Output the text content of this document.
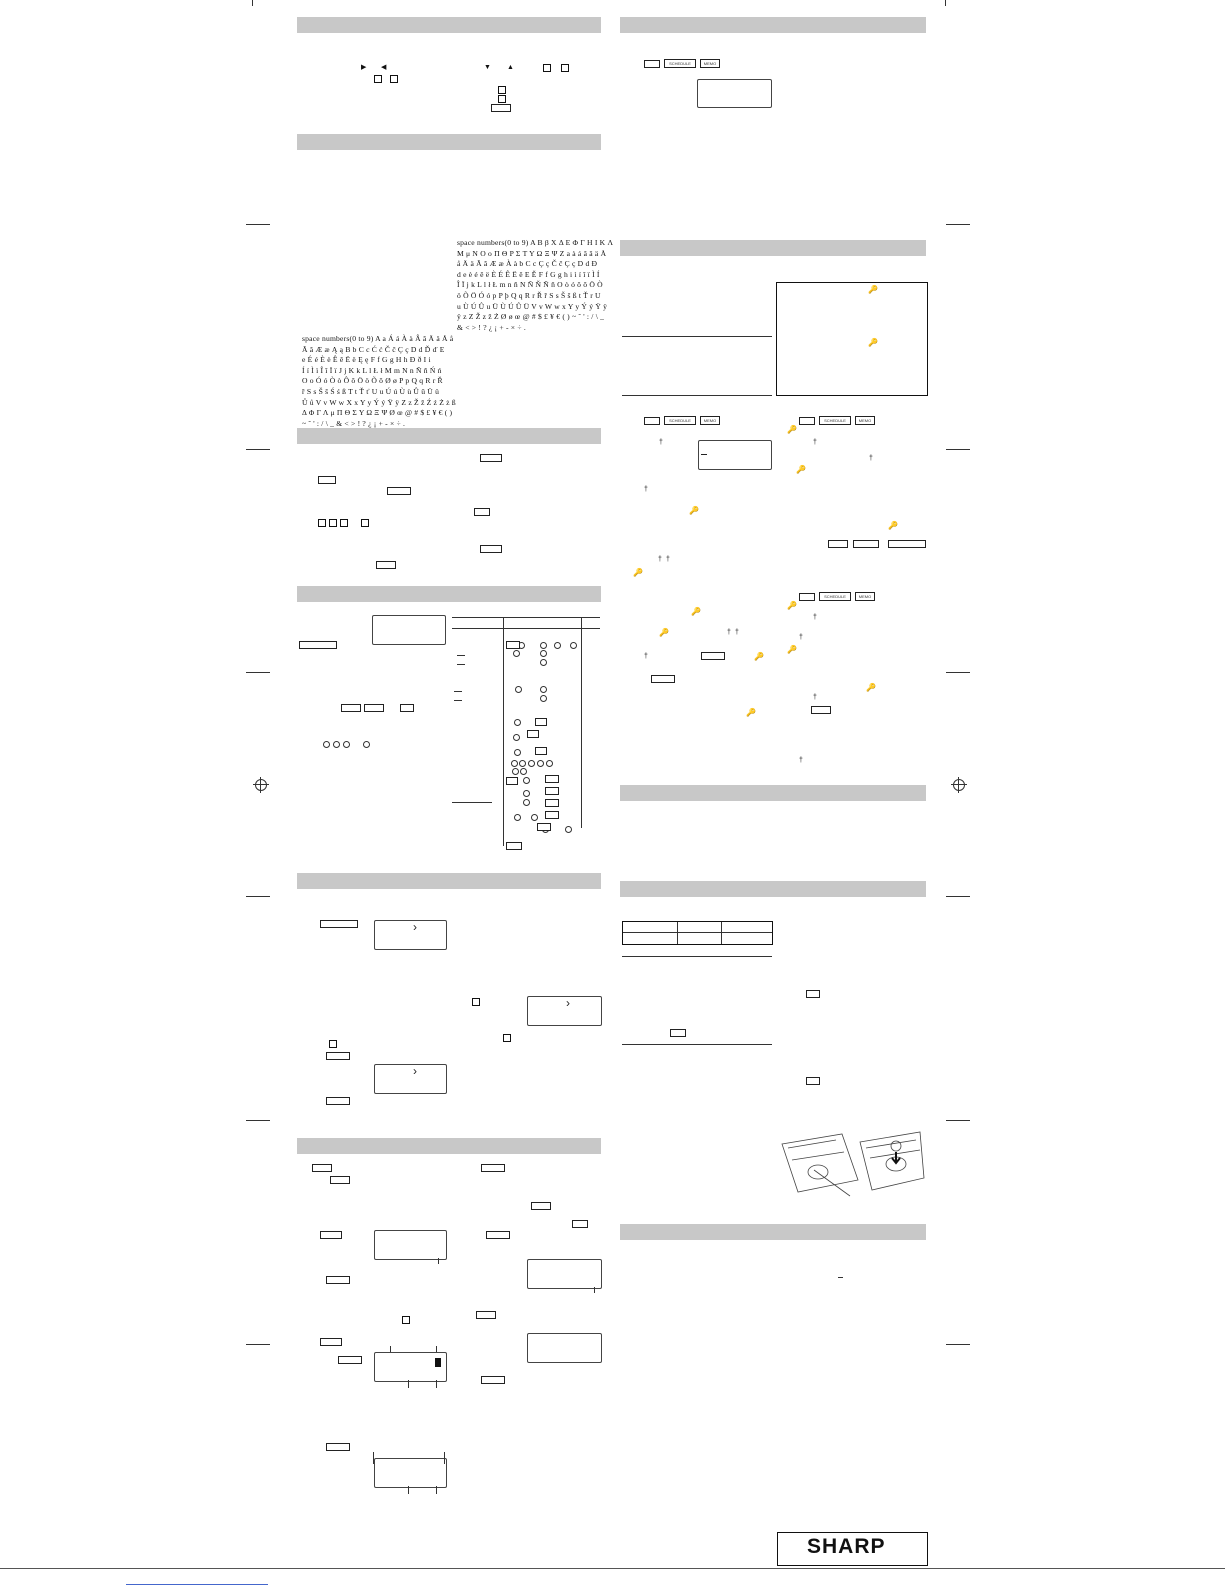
▶ ◀	▼ ▲
space numbers(0 to 9) A B β X Δ E Φ Γ H I K Λ
M μ N O o Π Θ P Σ T Y Ω Ξ Ψ Z a à á â ã ä Å
å Ä ä Ã ã Æ æ À à b C c Ç ç Č č Ç ç D d Ð
d e è é ê ë È É Ê Ë ě E Ě F f G g h i ì í î ï Ì Í
Î Ï j k L l ł Ł m n ñ N Ñ Ň Ñ ň O ò ó ô õ Ö Ò
ö Õ Ö Ó ó p P þ Q q R r Ř ř S s Š š ß t Ť r U
u Ù Ú Û u Ü Ù Ú Û Ü V v W w x Y y Ý ý Ÿ ÿ
ÿ z Z Ž z ž Ż Ø ø œ @ # $ £ ¥ € ( ) ~ ˇ ' : / \ _
& < > ! ? ¿ ¡ + - × ÷ .
space numbers(0 to 9) A a Á á À à Â â Ä ä Å å
Ã ã Æ æ Ą ą B b C c Ć ć Č č Ç ç D d Ď ď E
e É é È è Ê ê Ë ë Ę ę F f G g H h Ð ð I i
Í í Ì ì Î î Ï ï J j K k L l Ł ł M m N n Ñ ñ Ń ń
O o Ó ó Ò ò Ô ô Ö ö Õ õ Ø ø P p Q q R r Ř
ř S s Š š Ś ś ß T t Ť ť U u Ú ú Ù ù Û û Ü ü
Ů ů V v W w X x Y y Ý ý Ÿ ÿ Z z Ž ž Ź ź Ż ż ß
Δ Φ Γ Λ μ Π Θ Σ Υ Ω Ξ Ψ Ø œ @ # $ £ ¥ € ( )
~ ˇ ' : / \ _ & < > ! ? ¿ ¡ + - × ÷ .
›
›
›
SCHEDULE	MEMO
🔑
🔑
SCHEDULE	MEMO	SCHEDULE	MEMO
🔑
†	†
†
🔑
†
🔑
🔑
† †
🔑
SCHEDULE	MEMO
🔑
🔑
†
🔑	† †
†
🔑
†	🔑
🔑
†
🔑
†
SHARP
